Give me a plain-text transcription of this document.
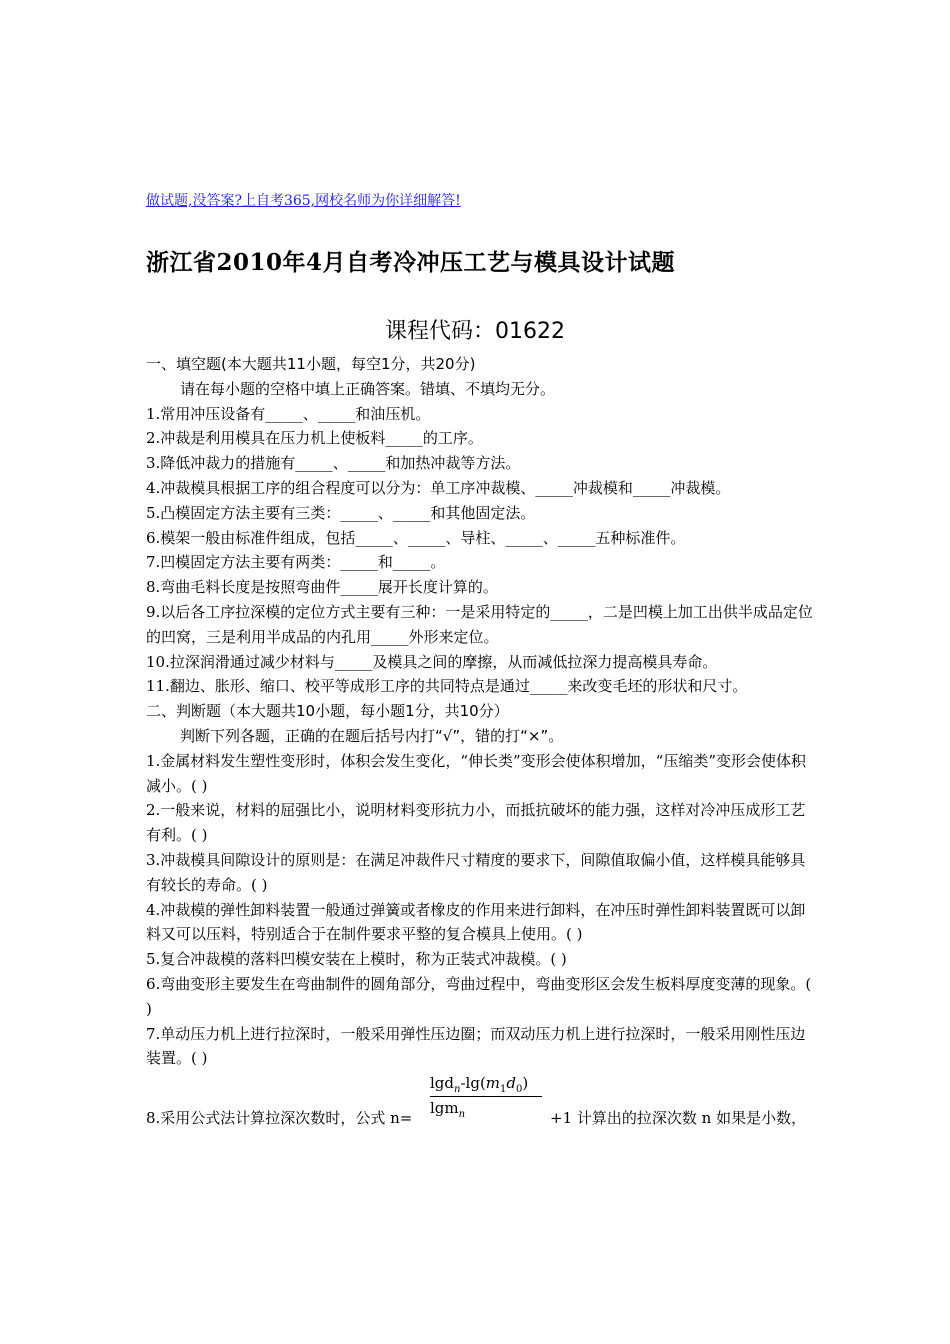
做试题,没答案?上自考365,网校名师为你详细解答!
浙江省2010年4月自考冷冲压工艺与模具设计试题
课程代码：01622

一、填空题(本大题共11小题，每空1分，共20分)

请在每小题的空格中填上正确答案。错填、不填均无分。

1.常用冲压设备有_____、_____和油压机。

2.冲裁是利用模具在压力机上使板料_____的工序。

3.降低冲裁力的措施有_____、_____和加热冲裁等方法。

4.冲裁模具根据工序的组合程度可以分为：单工序冲裁模、_____冲裁模和_____冲裁模。

5.凸模固定方法主要有三类：_____、_____和其他固定法。

6.模架一般由标准件组成，包括_____、_____、导柱、_____、_____五种标准件。

7.凹模固定方法主要有两类：_____和_____。

8.弯曲毛料长度是按照弯曲件_____展开长度计算的。

9.以后各工序拉深模的定位方式主要有三种：一是采用特定的_____，二是凹模上加工出供半成品定位的凹窝，三是利用半成品的内孔用_____外形来定位。

10.拉深润滑通过减少材料与_____及模具之间的摩擦，从而减低拉深力提高模具寿命。

11.翻边、胀形、缩口、校平等成形工序的共同特点是通过_____来改变毛坯的形状和尺寸。

二、判断题（本大题共10小题，每小题1分，共10分）

判断下列各题，正确的在题后括号内打“√”，错的打“×”。

1.金属材料发生塑性变形时，体积会发生变化，“伸长类”变形会使体积增加，“压缩类”变形会使体积减小。( )

2.一般来说，材料的屈强比小，说明材料变形抗力小，而抵抗破坏的能力强，这样对冷冲压成形工艺有利。( )

3.冲裁模具间隙设计的原则是：在满足冲裁件尺寸精度的要求下，间隙值取偏小值，这样模具能够具有较长的寿命。( )

4.冲裁模的弹性卸料装置一般通过弹簧或者橡皮的作用来进行卸料，在冲压时弹性卸料装置既可以卸料又可以压料，特别适合于在制件要求平整的复合模具上使用。( )

5.复合冲裁模的落料凹模安装在上模时，称为正装式冲裁模。( )

6.弯曲变形主要发生在弯曲制件的圆角部分，弯曲过程中，弯曲变形区会发生板料厚度变薄的现象。( )

7.单动压力机上进行拉深时，一般采用弹性压边圈；而双动压力机上进行拉深时，一般采用刚性压边装置。( )

8.采用公式法计算拉深次数时，公式 n=
$\lg d_n-\lg(m_1d_0)$
lgm$_n$	+1 计算出的拉深次数 n 如果是小数，
